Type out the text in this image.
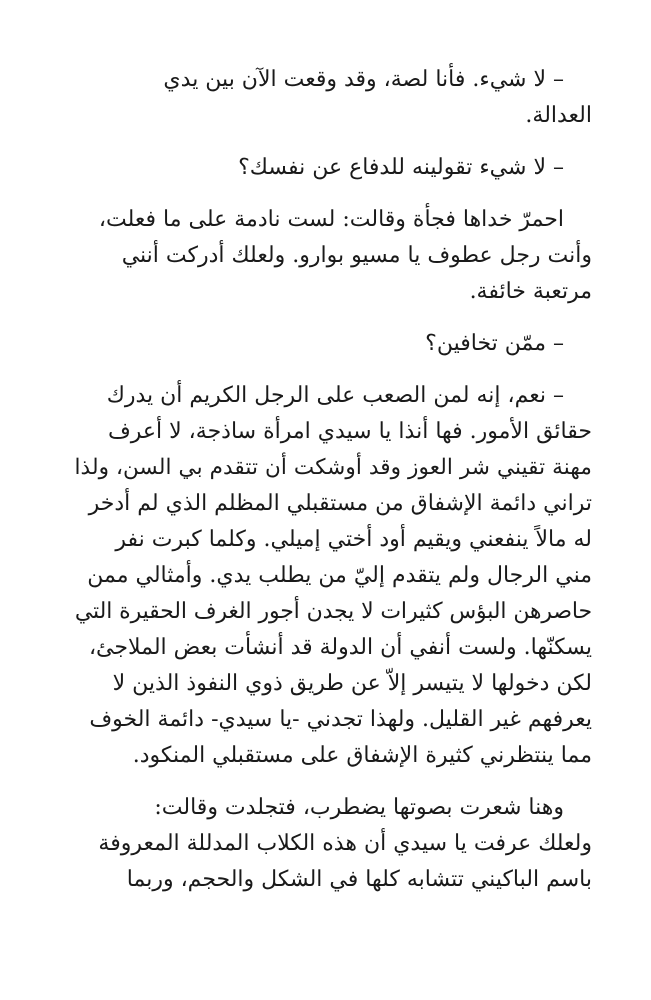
– لا شيء. فأنا لصة، وقد وقعت الآن بين يدي
العدالة.

– لا شيء تقولينه للدفاع عن نفسك؟

احمرّ خداها فجأة وقالت: لست نادمة على ما فعلت،
وأنت رجل عطوف يا مسيو بوارو. ولعلك أدركت أنني
مرتعبة خائفة.

– ممّن تخافين؟

– نعم، إنه لمن الصعب على الرجل الكريم أن يدرك
حقائق الأمور. فها أنذا يا سيدي امرأة ساذجة، لا أعرف
مهنة تقيني شر العوز وقد أوشكت أن تتقدم بي السن، ولذا
تراني دائمة الإشفاق من مستقبلي المظلم الذي لم أدخر
له مالاً ينفعني ويقيم أود أختي إميلي. وكلما كبرت نفر
مني الرجال ولم يتقدم إليّ من يطلب يدي. وأمثالي ممن
حاصرهن البؤس كثيرات لا يجدن أجور الغرف الحقيرة التي
يسكنّها. ولست أنفي أن الدولة قد أنشأت بعض الملاجئ،
لكن دخولها لا يتيسر إلاّ عن طريق ذوي النفوذ الذين لا
يعرفهم غير القليل. ولهذا تجدني -يا سيدي- دائمة الخوف
مما ينتظرني كثيرة الإشفاق على مستقبلي المنكود.

وهنا شعرت بصوتها يضطرب، فتجلدت وقالت:
ولعلك عرفت يا سيدي أن هذه الكلاب المدللة المعروفة
باسم الباكيني تتشابه كلها في الشكل والحجم، وربما
